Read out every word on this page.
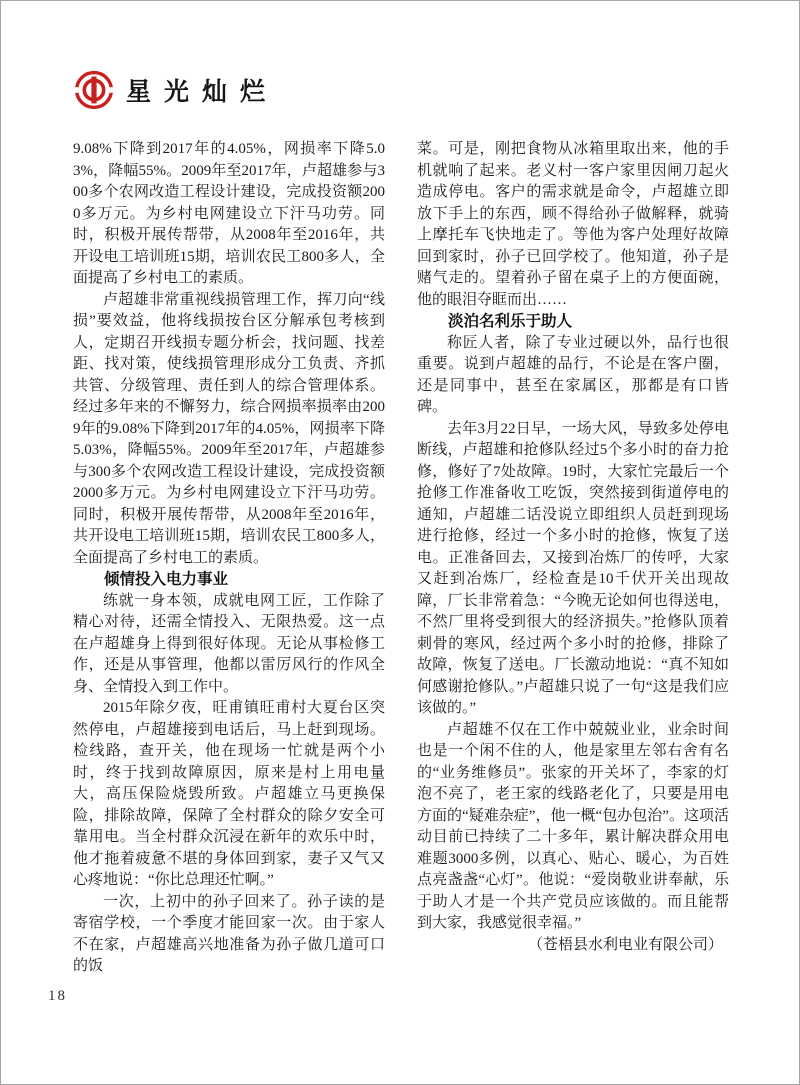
星光灿烂

9.08%下降到2017年的4.05%，网损率下降5.03%，降幅55%。2009年至2017年，卢超雄参与300多个农网改造工程设计建设，完成投资额2000多万元。为乡村电网建设立下汗马功劳。同时，积极开展传帮带，从2008年至2016年，共开设电工培训班15期，培训农民工800多人，全面提高了乡村电工的素质。

卢超雄非常重视线损管理工作，挥刀向“线损”要效益，他将线损按台区分解承包考核到人，定期召开线损专题分析会，找问题、找差距、找对策，使线损管理形成分工负责、齐抓共管、分级管理、责任到人的综合管理体系。经过多年来的不懈努力，综合网损率损率由2009年的9.08%下降到2017年的4.05%，网损率下降5.03%，降幅55%。2009年至2017年，卢超雄参与300多个农网改造工程设计建设，完成投资额2000多万元。为乡村电网建设立下汗马功劳。同时，积极开展传帮带，从2008年至2016年，共开设电工培训班15期，培训农民工800多人，全面提高了乡村电工的素质。

倾情投入电力事业

练就一身本领，成就电网工匠，工作除了精心对待，还需全情投入、无限热爱。这一点在卢超雄身上得到很好体现。无论从事检修工作，还是从事管理，他都以雷厉风行的作风全身、全情投入到工作中。

2015年除夕夜，旺甫镇旺甫村大夏台区突然停电，卢超雄接到电话后，马上赶到现场。检线路，查开关，他在现场一忙就是两个小时，终于找到故障原因，原来是村上用电量大，高压保险烧毁所致。卢超雄立马更换保险，排除故障，保障了全村群众的除夕安全可靠用电。当全村群众沉浸在新年的欢乐中时，他才拖着疲惫不堪的身体回到家，妻子又气又心疼地说：“你比总理还忙啊。”

一次，上初中的孙子回来了。孙子读的是寄宿学校，一个季度才能回家一次。由于家人不在家，卢超雄高兴地准备为孙子做几道可口的饭

菜。可是，刚把食物从冰箱里取出来，他的手机就响了起来。老义村一客户家里因闸刀起火造成停电。客户的需求就是命令，卢超雄立即放下手上的东西，顾不得给孙子做解释，就骑上摩托车飞快地走了。等他为客户处理好故障回到家时，孙子已回学校了。他知道，孙子是赌气走的。望着孙子留在桌子上的方便面碗，他的眼泪夺眶而出……

淡泊名利乐于助人

称匠人者，除了专业过硬以外，品行也很重要。说到卢超雄的品行，不论是在客户圈，还是同事中，甚至在家属区，那都是有口皆碑。

去年3月22日早，一场大风，导致多处停电断线，卢超雄和抢修队经过5个多小时的奋力抢修，修好了7处故障。19时，大家忙完最后一个抢修工作准备收工吃饭，突然接到街道停电的通知，卢超雄二话没说立即组织人员赶到现场进行抢修，经过一个多小时的抢修，恢复了送电。正准备回去，又接到冶炼厂的传呼，大家又赶到冶炼厂，经检查是10千伏开关出现故障，厂长非常着急：“今晚无论如何也得送电，不然厂里将受到很大的经济损失。”抢修队顶着刺骨的寒风，经过两个多小时的抢修，排除了故障，恢复了送电。厂长激动地说：“真不知如何感谢抢修队。”卢超雄只说了一句“这是我们应该做的。”

卢超雄不仅在工作中兢兢业业，业余时间也是一个闲不住的人，他是家里左邻右舍有名的“业务维修员”。张家的开关坏了，李家的灯泡不亮了，老王家的线路老化了，只要是用电方面的“疑难杂症”，他一概“包办包治”。这项活动目前已持续了二十多年，累计解决群众用电难题3000多例，以真心、贴心、暖心，为百姓点亮盏盏“心灯”。他说：“爱岗敬业讲奉献，乐于助人才是一个共产党员应该做的。而且能帮到大家，我感觉很幸福。”

（苍梧县水利电业有限公司）

18
